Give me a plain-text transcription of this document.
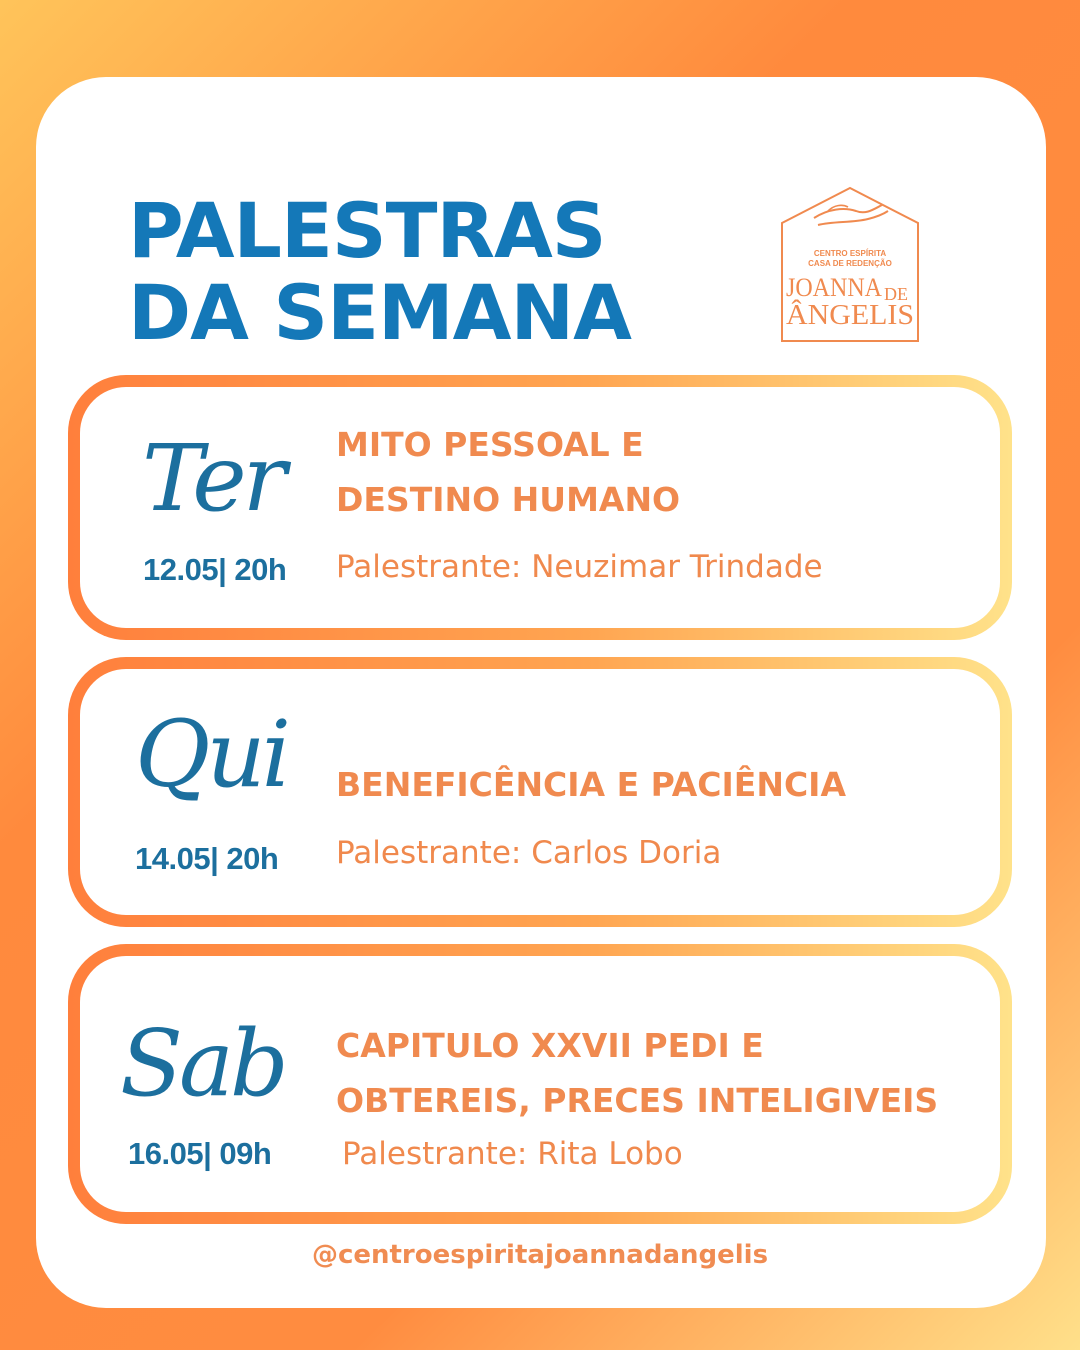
PALESTRAS
DA SEMANA
CENTRO ESPÍRITA
CASA DE REDENÇÃO
JOANNA DE
ÂNGELIS
Ter
12.05| 20h
MITO PESSOAL E
DESTINO HUMANO
Palestrante: Neuzimar Trindade
Qui
14.05| 20h
BENEFICÊNCIA E PACIÊNCIA
Palestrante: Carlos Doria
Sab
16.05| 09h
CAPITULO XXVII PEDI E
OBTEREIS, PRECES INTELIGIVEIS
Palestrante: Rita Lobo
@centroespiritajoannadangelis
